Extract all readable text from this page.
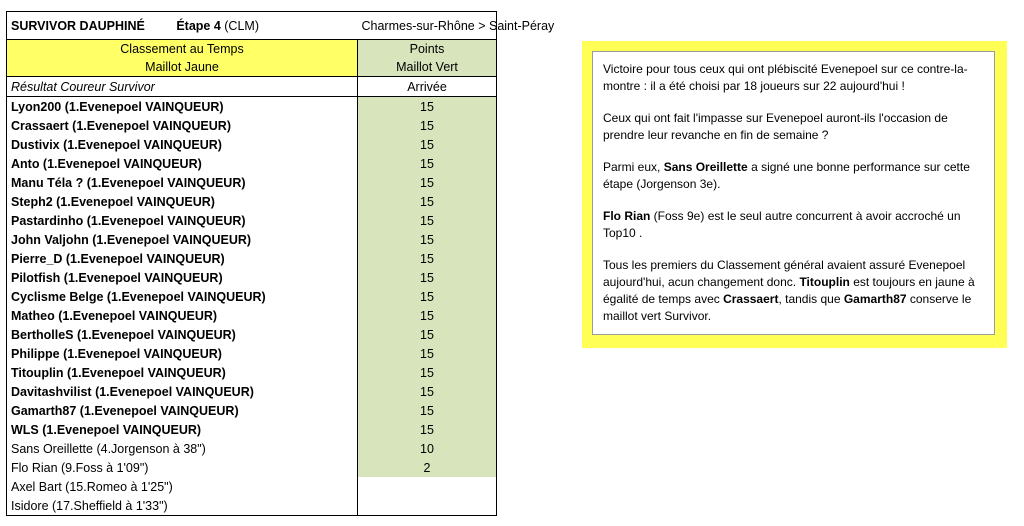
SURVIVOR DAUPHINÉ Étape 4 (CLM)	Charmes-sur-Rhône > Saint-Péray
Classement au Temps	Points
Maillot Jaune	Maillot Vert
Résultat Coureur Survivor	Arrivée
Lyon200 (1.Evenepoel VAINQUEUR)	15
Crassaert (1.Evenepoel VAINQUEUR)	15
Dustivix (1.Evenepoel VAINQUEUR)	15
Anto (1.Evenepoel VAINQUEUR)	15
Manu Téla ? (1.Evenepoel VAINQUEUR)	15
Steph2 (1.Evenepoel VAINQUEUR)	15
Pastardinho (1.Evenepoel VAINQUEUR)	15
John Valjohn (1.Evenepoel VAINQUEUR)	15
Pierre_D (1.Evenepoel VAINQUEUR)	15
Pilotfish (1.Evenepoel VAINQUEUR)	15
Cyclisme Belge (1.Evenepoel VAINQUEUR)	15
Matheo (1.Evenepoel VAINQUEUR)	15
BertholleS (1.Evenepoel VAINQUEUR)	15
Philippe (1.Evenepoel VAINQUEUR)	15
Titouplin (1.Evenepoel VAINQUEUR)	15
Davitashvilist (1.Evenepoel VAINQUEUR)	15
Gamarth87 (1.Evenepoel VAINQUEUR)	15
WLS (1.Evenepoel VAINQUEUR)	15
Sans Oreillette (4.Jorgenson à 38")	10
Flo Rian (9.Foss à 1'09")	2
Axel Bart (15.Romeo à 1'25")	
Isidore (17.Sheffield à 1'33")	

Victoire pour tous ceux qui ont plébiscité Evenepoel sur ce contre-la-montre : il a été choisi par 18 joueurs sur 22 aujourd'hui !

Ceux qui ont fait l'impasse sur Evenepoel auront-ils l'occasion de prendre leur revanche en fin de semaine ?

Parmi eux, Sans Oreillette a signé une bonne performance sur cette étape (Jorgenson 3e).

Flo Rian (Foss 9e) est le seul autre concurrent à avoir accroché un Top10 .

Tous les premiers du Classement général avaient assuré Evenepoel aujourd'hui, acun changement donc. Titouplin est toujours en jaune à égalité de temps avec Crassaert, tandis que Gamarth87 conserve le maillot vert Survivor.
